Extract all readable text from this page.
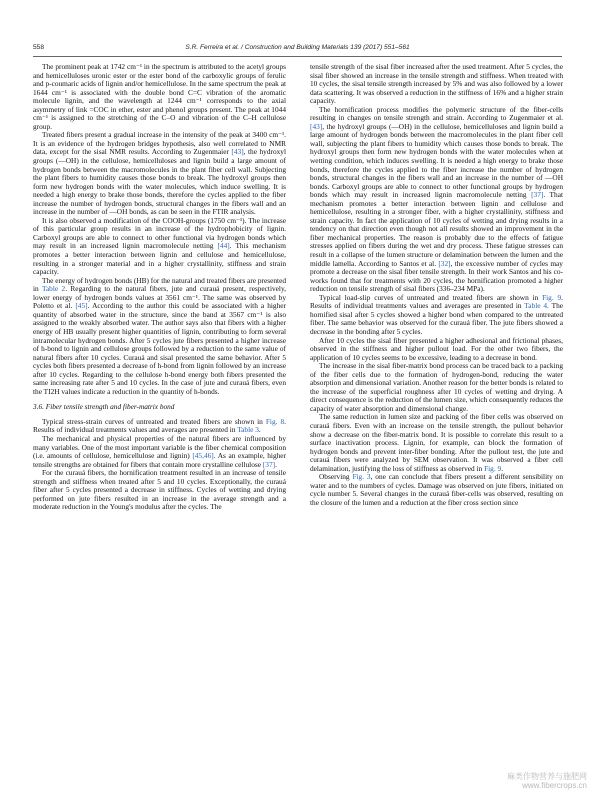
558	S.R. Ferreira et al. / Construction and Building Materials 139 (2017) 551–561

The prominent peak at 1742 cm⁻¹ in the spectrum is attributed to the acetyl groups and hemicelluloses uronic ester or the ester bond of the carboxylic groups of ferulic and p-coumaric acids of lignin and/or hemicellulose. In the same spectrum the peak at 1644 cm⁻¹ is associated with the double bond C=C vibration of the aromatic molecule lignin, and the wavelength at 1244 cm⁻¹ corresponds to the axial asymmetry of link =COC in ether, ester and phenol groups present. The peak at 1044 cm⁻¹ is assigned to the stretching of the C–O and vibration of the C–H cellulose group.

Treated fibers present a gradual increase in the intensity of the peak at 3400 cm⁻¹. It is an evidence of the hydrogen bridges hypothesis, also well correlated to NMR data, except for the sisal NMR results. According to Zugenmaier [43], the hydroxyl groups (—OH) in the cellulose, hemicelluloses and lignin build a large amount of hydrogen bonds between the macromolecules in the plant fiber cell wall. Subjecting the plant fibers to humidity causes those bonds to break. The hydroxyl groups then form new hydrogen bonds with the water molecules, which induce swelling. It is needed a high energy to brake those bonds, therefore the cycles applied to the fiber increase the number of hydrogen bonds, structural changes in the fibers wall and an increase in the number of —OH bonds, as can be seen in the FTIR analysis.

It is also observed a modification of the COOH-groups (1750 cm⁻¹). The increase of this particular group results in an increase of the hydrophobicity of lignin. Carboxyl groups are able to connect to other functional via hydrogen bonds which may result in an increased lignin macromolecule netting [44]. This mechanism promotes a better interaction between lignin and cellulose and hemicellulose, resulting in a stronger material and in a higher crystallinity, stiffness and strain capacity.

The energy of hydrogen bonds (HB) for the natural and treated fibers are presented in Table 2. Regarding to the natural fibers, jute and curauá present, respectively, lower energy of hydrogen bonds values at 3561 cm⁻¹. The same was observed by Poletto et al. [45]. According to the author this could be associated with a higher quantity of absorbed water in the structure, since the band at 3567 cm⁻¹ is also assigned to the weakly absorbed water. The author says also that fibers with a higher energy of HB usually present higher quantities of lignin, contributing to form several intramolecular hydrogen bonds. After 5 cycles jute fibers presented a higher increase of h-bond to lignin and cellulose groups followed by a reduction to the same value of natural fibers after 10 cycles. Curauá and sisal presented the same behavior. After 5 cycles both fibers presented a decrease of h-bond from lignin followed by an increase after 10 cycles. Regarding to the cellulose h-bond energy both fibers presented the same increasing rate after 5 and 10 cycles. In the case of jute and curauá fibers, even the TI2H values indicate a reduction in the quantity of h-bonds.

3.6. Fiber tensile strength and fiber-matrix bond

Typical stress-strain curves of untreated and treated fibers are shown in Fig. 8. Results of individual treatments values and averages are presented in Table 3.

The mechanical and physical properties of the natural fibers are influenced by many variables. One of the most important variable is the fiber chemical composition (i.e. amounts of cellulose, hemicellulose and lignin) [45,46]. As an example, higher tensile strengths are obtained for fibers that contain more crystalline cellulose [37].

For the curauá fibers, the hornification treatment resulted in an increase of tensile strength and stiffness when treated after 5 and 10 cycles. Exceptionally, the curauá fiber after 5 cycles presented a decrease in stiffness. Cycles of wetting and drying performed on jute fibers resulted in an increase in the average strength and a moderate reduction in the Young's modulus after the cycles. The

tensile strength of the sisal fiber increased after the used treatment. After 5 cycles, the sisal fiber showed an increase in the tensile strength and stiffness. When treated with 10 cycles, the sisal tensile strength increased by 5% and was also followed by a lower data scattering. It was observed a reduction in the stiffness of 16% and a higher strain capacity.

The hornification process modifies the polymeric structure of the fiber-cells resulting in changes on tensile strength and strain. According to Zugenmaier et al. [43], the hydroxyl groups (—OH) in the cellulose, hemicelluloses and lignin build a large amount of hydrogen bonds between the macromolecules in the plant fiber cell wall, subjecting the plant fibers to humidity which causes those bonds to break. The hydroxyl groups then form new hydrogen bonds with the water molecules when at wetting condition, which induces swelling. It is needed a high energy to brake those bonds, therefore the cycles applied to the fiber increase the number of hydrogen bonds, structural changes in the fibers wall and an increase in the number of —OH bonds. Carboxyl groups are able to connect to other functional groups by hydrogen bonds which may result in increased lignin macromolecule netting [37]. That mechanism promotes a better interaction between lignin and cellulose and hemicellulose, resulting in a stronger fiber, with a higher crystallinity, stiffness and strain capacity. In fact the application of 10 cycles of wetting and drying results in a tendency on that direction even though not all results showed an improvement in the fiber mechanical properties. The reason is probably due to the effects of fatigue stresses applied on fibers during the wet and dry process. These fatigue stresses can result in a collapse of the lumen structure or delamination between the lumen and the middle lamella. According to Santos et al. [32], the excessive number of cycles may promote a decrease on the sisal fiber tensile strength. In their work Santos and his co-works found that for treatments with 20 cycles, the hornification promoted a higher reduction on tensile strength of sisal fibers (336–234 MPa).

Typical load-slip curves of untreated and treated fibers are shown in Fig. 9. Results of individual treatments values and averages are presented in Table 4. The hornified sisal after 5 cycles showed a higher bond when compared to the untreated fiber. The same behavior was observed for the curauá fiber. The jute fibers showed a decrease in the bonding after 5 cycles.

After 10 cycles the sisal fiber presented a higher adhesional and frictional phases, observed in the stiffness and higher pullout load. For the other two fibers, the application of 10 cycles seems to be excessive, leading to a decrease in bond.

The increase in the sisal fiber-matrix bond process can be traced back to a packing of the fiber cells due to the formation of hydrogen-bond, reducing the water absorption and dimensional variation. Another reason for the better bonds is related to the increase of the superficial roughness after 10 cycles of wetting and drying. A direct consequence is the reduction of the lumen size, which consequently reduces the capacity of water absorption and dimensional change.

The same reduction in lumen size and packing of the fiber cells was observed on curauá fibers. Even with an increase on the tensile strength, the pullout behavior show a decrease on the fiber-matrix bond. It is possible to correlate this result to a surface inactivation process. Lignin, for example, can block the formation of hydrogen bonds and prevent inter-fiber bonding. After the pullout test, the jute and curauá fibers were analyzed by SEM observation. It was observed a fiber cell delamination, justifying the loss of stiffness as observed in Fig. 9.

Observing Fig. 3, one can conclude that fibers present a different sensibility on water and to the numbers of cycles. Damage was observed on jute fibers, initiated on cycle number 5. Several changes in the curauá fiber-cells was observed, resulting on the closure of the lumen and a reduction at the fiber cross section since

麻类作物营养与施肥网
www.fibercrops.cn
